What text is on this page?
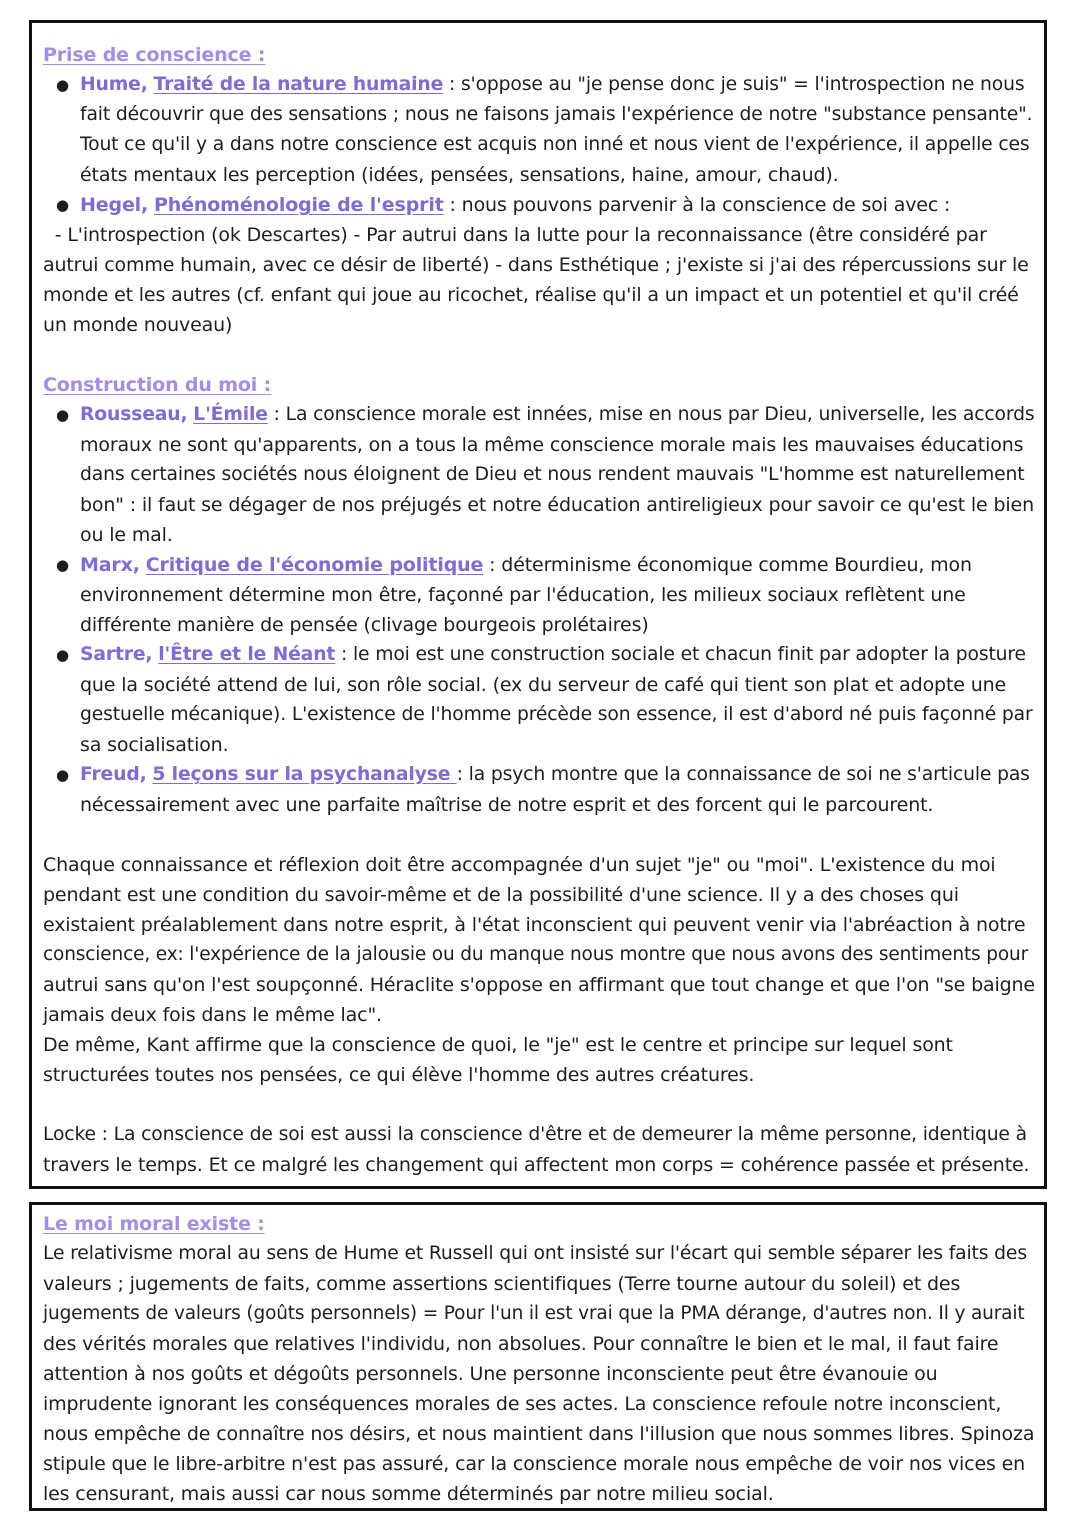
Prise de conscience :
● Hume, Traité de la nature humaine : s'oppose au "je pense donc je suis" = l'introspection ne nous
fait découvrir que des sensations ; nous ne faisons jamais l'expérience de notre "substance pensante".
Tout ce qu'il y a dans notre conscience est acquis non inné et nous vient de l'expérience, il appelle ces
états mentaux les perception (idées, pensées, sensations, haine, amour, chaud).
● Hegel, Phénoménologie de l'esprit : nous pouvons parvenir à la conscience de soi avec :
- L'introspection (ok Descartes) - Par autrui dans la lutte pour la reconnaissance (être considéré par
autrui comme humain, avec ce désir de liberté) - dans Esthétique ; j'existe si j'ai des répercussions sur le
monde et les autres (cf. enfant qui joue au ricochet, réalise qu'il a un impact et un potentiel et qu'il créé
un monde nouveau)
Construction du moi :
● Rousseau, L'Émile : La conscience morale est innées, mise en nous par Dieu, universelle, les accords
moraux ne sont qu'apparents, on a tous la même conscience morale mais les mauvaises éducations
dans certaines sociétés nous éloignent de Dieu et nous rendent mauvais "L'homme est naturellement
bon" : il faut se dégager de nos préjugés et notre éducation antireligieux pour savoir ce qu'est le bien
ou le mal.
● Marx, Critique de l'économie politique : déterminisme économique comme Bourdieu, mon
environnement détermine mon être, façonné par l'éducation, les milieux sociaux reflètent une
différente manière de pensée (clivage bourgeois prolétaires)
● Sartre, l'Être et le Néant : le moi est une construction sociale et chacun finit par adopter la posture
que la société attend de lui, son rôle social. (ex du serveur de café qui tient son plat et adopte une
gestuelle mécanique). L'existence de l'homme précède son essence, il est d'abord né puis façonné par
sa socialisation.
● Freud, 5 leçons sur la psychanalyse : la psych montre que la connaissance de soi ne s'articule pas
nécessairement avec une parfaite maîtrise de notre esprit et des forcent qui le parcourent.
Chaque connaissance et réflexion doit être accompagnée d'un sujet "je" ou "moi". L'existence du moi
pendant est une condition du savoir-même et de la possibilité d'une science. Il y a des choses qui
existaient préalablement dans notre esprit, à l'état inconscient qui peuvent venir via l'abréaction à notre
conscience, ex: l'expérience de la jalousie ou du manque nous montre que nous avons des sentiments pour
autrui sans qu'on l'est soupçonné. Héraclite s'oppose en affirmant que tout change et que l'on "se baigne
jamais deux fois dans le même lac".
De même, Kant affirme que la conscience de quoi, le "je" est le centre et principe sur lequel sont
structurées toutes nos pensées, ce qui élève l'homme des autres créatures.
Locke : La conscience de soi est aussi la conscience d'être et de demeurer la même personne, identique à
travers le temps. Et ce malgré les changement qui affectent mon corps = cohérence passée et présente.
Le moi moral existe :
Le relativisme moral au sens de Hume et Russell qui ont insisté sur l'écart qui semble séparer les faits des
valeurs ; jugements de faits, comme assertions scientifiques (Terre tourne autour du soleil) et des
jugements de valeurs (goûts personnels) = Pour l'un il est vrai que la PMA dérange, d'autres non. Il y aurait
des vérités morales que relatives l'individu, non absolues. Pour connaître le bien et le mal, il faut faire
attention à nos goûts et dégoûts personnels. Une personne inconsciente peut être évanouie ou
imprudente ignorant les conséquences morales de ses actes. La conscience refoule notre inconscient,
nous empêche de connaître nos désirs, et nous maintient dans l'illusion que nous sommes libres. Spinoza
stipule que le libre-arbitre n'est pas assuré, car la conscience morale nous empêche de voir nos vices en
les censurant, mais aussi car nous somme déterminés par notre milieu social.
